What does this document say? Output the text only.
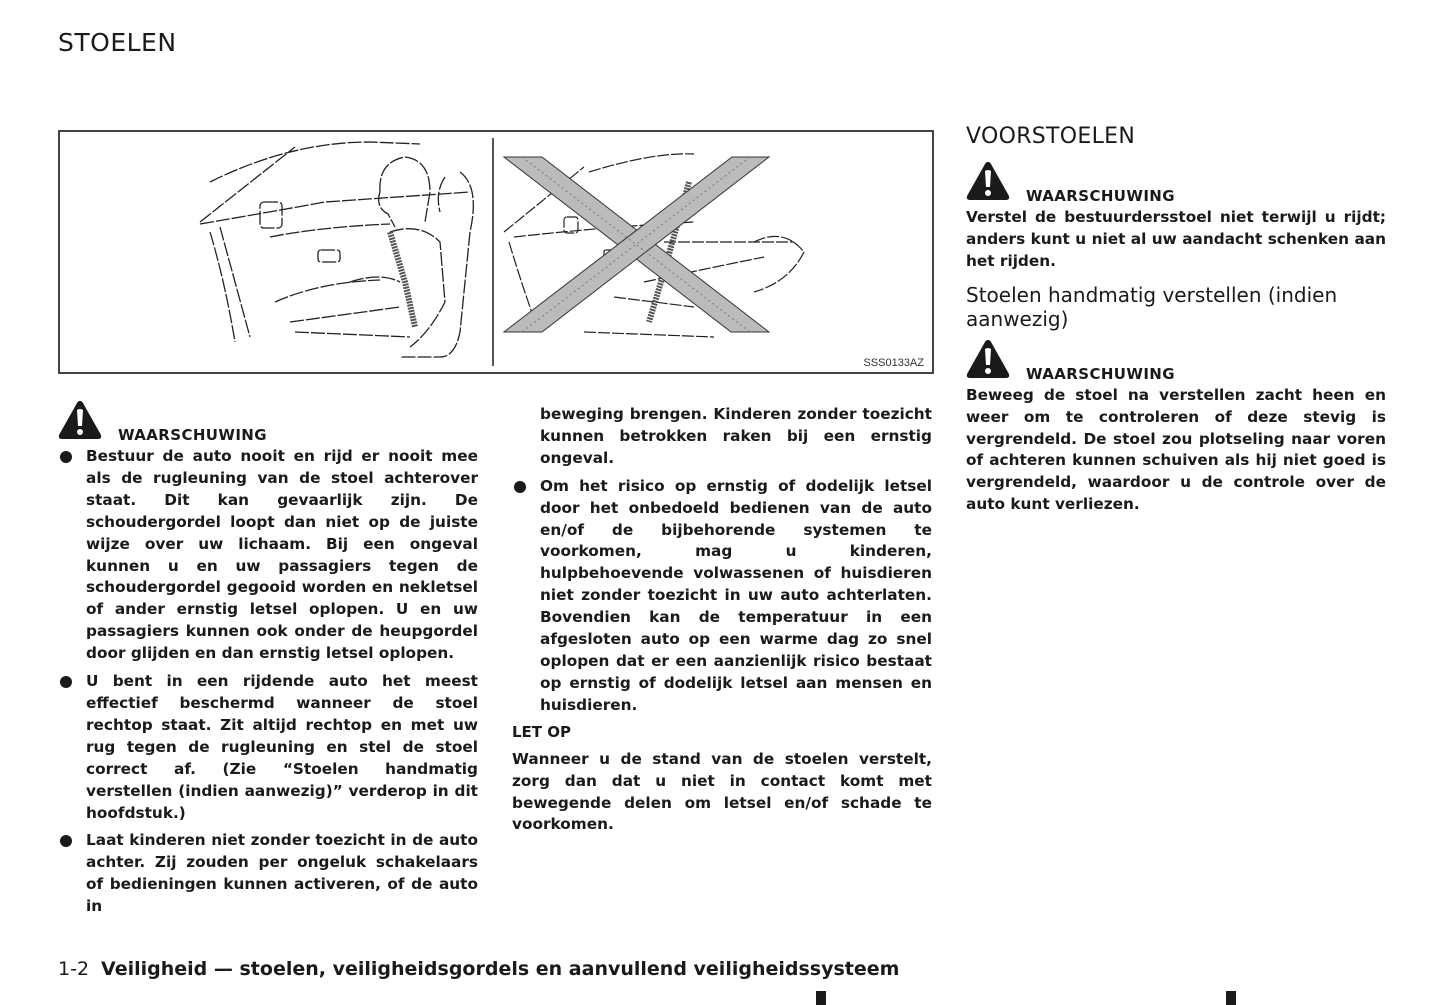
STOELEN
SSS0133AZ
WAARSCHUWING
Bestuur de auto nooit en rijd er nooit mee als de rugleuning van de stoel achterover staat. Dit kan gevaarlijk zijn. De schoudergordel loopt dan niet op de juiste wijze over uw lichaam. Bij een ongeval kunnen u en uw passagiers tegen de schoudergordel gegooid worden en nekletsel of ander ernstig letsel oplopen. U en uw passagiers kunnen ook onder de heupgordel door glijden en dan ernstig letsel oplopen.
U bent in een rijdende auto het meest effectief beschermd wanneer de stoel rechtop staat. Zit altijd rechtop en met uw rug tegen de rugleuning en stel de stoel correct af. (Zie “Stoelen handmatig verstellen (indien aanwezig)” verderop in dit hoofdstuk.)
Laat kinderen niet zonder toezicht in de auto achter. Zij zouden per ongeluk schakelaars of bedieningen kunnen activeren, of de auto in
beweging brengen. Kinderen zonder toezicht kunnen betrokken raken bij een ernstig ongeval.
Om het risico op ernstig of dodelijk letsel door het onbedoeld bedienen van de auto en/of de bijbehorende systemen te voorkomen, mag u kinderen, hulpbehoevende volwassenen of huisdieren niet zonder toezicht in uw auto achterlaten. Bovendien kan de temperatuur in een afgesloten auto op een warme dag zo snel oplopen dat er een aanzienlijk risico bestaat op ernstig of dodelijk letsel aan mensen en huisdieren.
LET OP
Wanneer u de stand van de stoelen verstelt, zorg dan dat u niet in contact komt met bewegende delen om letsel en/of schade te voorkomen.
VOORSTOELEN
WAARSCHUWING
Verstel de bestuurdersstoel niet terwijl u rijdt; anders kunt u niet al uw aandacht schenken aan het rijden.
Stoelen handmatig verstellen (indien aanwezig)
WAARSCHUWING
Beweeg de stoel na verstellen zacht heen en weer om te controleren of deze stevig is vergrendeld. De stoel zou plotseling naar voren of achteren kunnen schuiven als hij niet goed is vergrendeld, waardoor u de controle over de auto kunt verliezen.
1-2 Veiligheid — stoelen, veiligheidsgordels en aanvullend veiligheidssysteem
